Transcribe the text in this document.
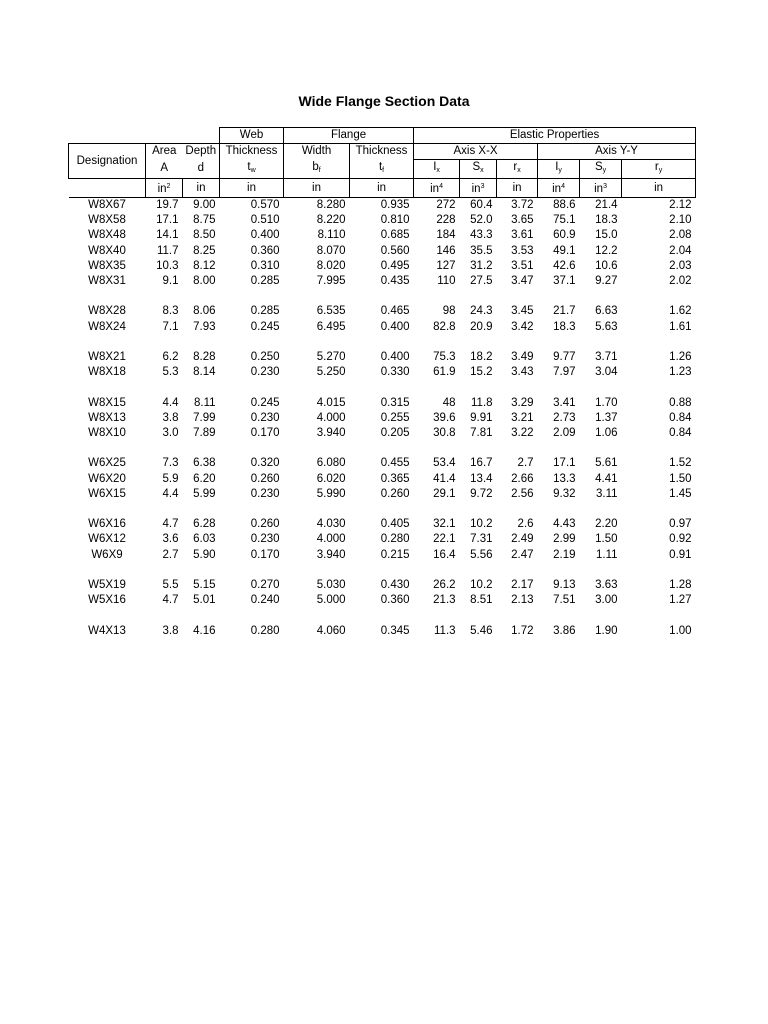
Wide Flange Section Data
			Web	Flange		Elastic Properties					
Designation	Area	Depth	Thickness	Width	Thickness	Axis X-X			Axis Y-Y		
	A	d	$t_w$	$b_f$	$t_f$	$I_x$	$S_x$	$r_x$	$I_y$	$S_y$	$r_y$
	$in^2$	in	in	in	in	$in^4$	$in^3$	in	$in^4$	$in^3$	in
W8X67	19.7	9.00	0.570	8.280	0.935	272	60.4	3.72	88.6	21.4	2.12
W8X58	17.1	8.75	0.510	8.220	0.810	228	52.0	3.65	75.1	18.3	2.10
W8X48	14.1	8.50	0.400	8.110	0.685	184	43.3	3.61	60.9	15.0	2.08
W8X40	11.7	8.25	0.360	8.070	0.560	146	35.5	3.53	49.1	12.2	2.04
W8X35	10.3	8.12	0.310	8.020	0.495	127	31.2	3.51	42.6	10.6	2.03
W8X31	9.1	8.00	0.285	7.995	0.435	110	27.5	3.47	37.1	9.27	2.02
W8X28	8.3	8.06	0.285	6.535	0.465	98	24.3	3.45	21.7	6.63	1.62
W8X24	7.1	7.93	0.245	6.495	0.400	82.8	20.9	3.42	18.3	5.63	1.61
W8X21	6.2	8.28	0.250	5.270	0.400	75.3	18.2	3.49	9.77	3.71	1.26
W8X18	5.3	8.14	0.230	5.250	0.330	61.9	15.2	3.43	7.97	3.04	1.23
W8X15	4.4	8.11	0.245	4.015	0.315	48	11.8	3.29	3.41	1.70	0.88
W8X13	3.8	7.99	0.230	4.000	0.255	39.6	9.91	3.21	2.73	1.37	0.84
W8X10	3.0	7.89	0.170	3.940	0.205	30.8	7.81	3.22	2.09	1.06	0.84
W6X25	7.3	6.38	0.320	6.080	0.455	53.4	16.7	2.7	17.1	5.61	1.52
W6X20	5.9	6.20	0.260	6.020	0.365	41.4	13.4	2.66	13.3	4.41	1.50
W6X15	4.4	5.99	0.230	5.990	0.260	29.1	9.72	2.56	9.32	3.11	1.45
W6X16	4.7	6.28	0.260	4.030	0.405	32.1	10.2	2.6	4.43	2.20	0.97
W6X12	3.6	6.03	0.230	4.000	0.280	22.1	7.31	2.49	2.99	1.50	0.92
W6X9	2.7	5.90	0.170	3.940	0.215	16.4	5.56	2.47	2.19	1.11	0.91
W5X19	5.5	5.15	0.270	5.030	0.430	26.2	10.2	2.17	9.13	3.63	1.28
W5X16	4.7	5.01	0.240	5.000	0.360	21.3	8.51	2.13	7.51	3.00	1.27
W4X13	3.8	4.16	0.280	4.060	0.345	11.3	5.46	1.72	3.86	1.90	1.00
